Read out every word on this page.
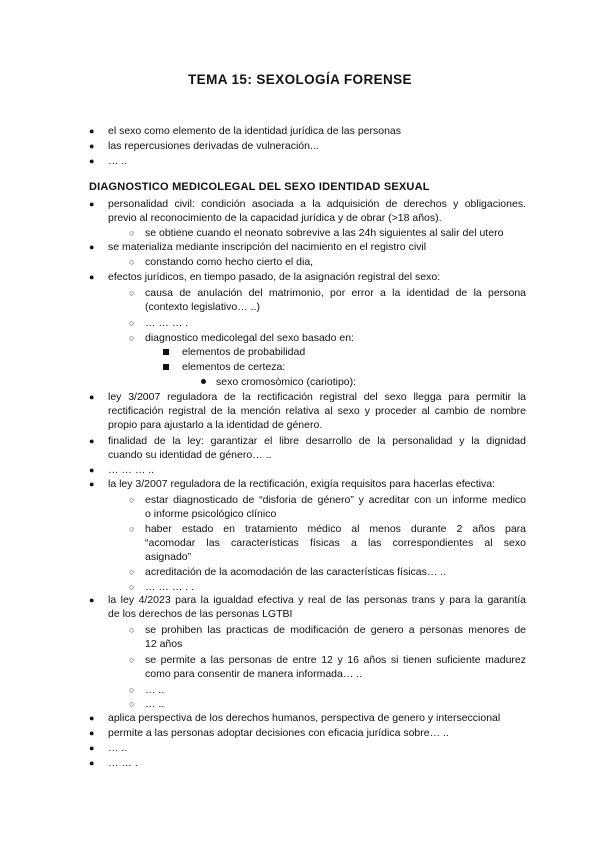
TEMA 15: SEXOLOGÍA FORENSE
● el sexo como elemento de la identidad jurídica de las personas
● las repercusiones derivadas de vulneración...
● … ..
DIAGNOSTICO MEDICOLEGAL DEL SEXO IDENTIDAD SEXUAL
● personalidad civil: condición asociada a la adquisición de derechos y obligaciones.
previo al reconocimiento de la capacidad jurídica y de obrar (>18 años).
○ se obtiene cuando el neonato sobrevive a las 24h siguientes al salir del utero
● se materializa mediante inscripción del nacimiento en el registro civil
○ constando como hecho cierto el dia,
● efectos jurídicos, en tiempo pasado, de la asignación registral del sexo:
○ causa de anulación del matrimonio, por error a la identidad de la persona
(contexto legislativo… ..)
○ … … … .
○ diagnostico medicolegal del sexo basado en:
elementos de probabilidad
elementos de certeza:
sexo cromosòmico (cariotipo):
● ley 3/2007 reguladora de la rectificación registral del sexo llegga para permitir la
rectificación registral de la mención relativa al sexo y proceder al cambio de nombre
propio para ajustarlo a la identidad de género.
● finalidad de la ley: garantizar el libre desarrollo de la personalidad y la dignidad
cuando su identidad de género… ..
● … … … ..
● la ley 3/2007 reguladora de la rectificación, exigía requisitos para hacerlas efectiva:
○ estar diagnosticado de “disforia de género” y acreditar con un informe medico
o informe psicológico clínico
○ haber estado en tratamiento médico al menos durante 2 años para
“acomodar las características físicas a las correspondientes al sexo
asignado”
○ acreditación de la acomodación de las características físicas… ..
○ … … … . .
● la ley 4/2023 para la igualdad efectiva y real de las personas trans y para la garantía
de los derechos de las personas LGTBI
○ se prohiben las practicas de modificación de genero a personas menores de
12 años
○ se permite a las personas de entre 12 y 16 años si tienen suficiente madurez
como para consentir de manera informada… ..
○ … ..
○ … ..
● aplica perspectiva de los derechos humanos, perspectiva de genero y interseccional
● permite a las personas adoptar decisiones con eficacia jurídica sobre… ..
● … ..
● … … .
